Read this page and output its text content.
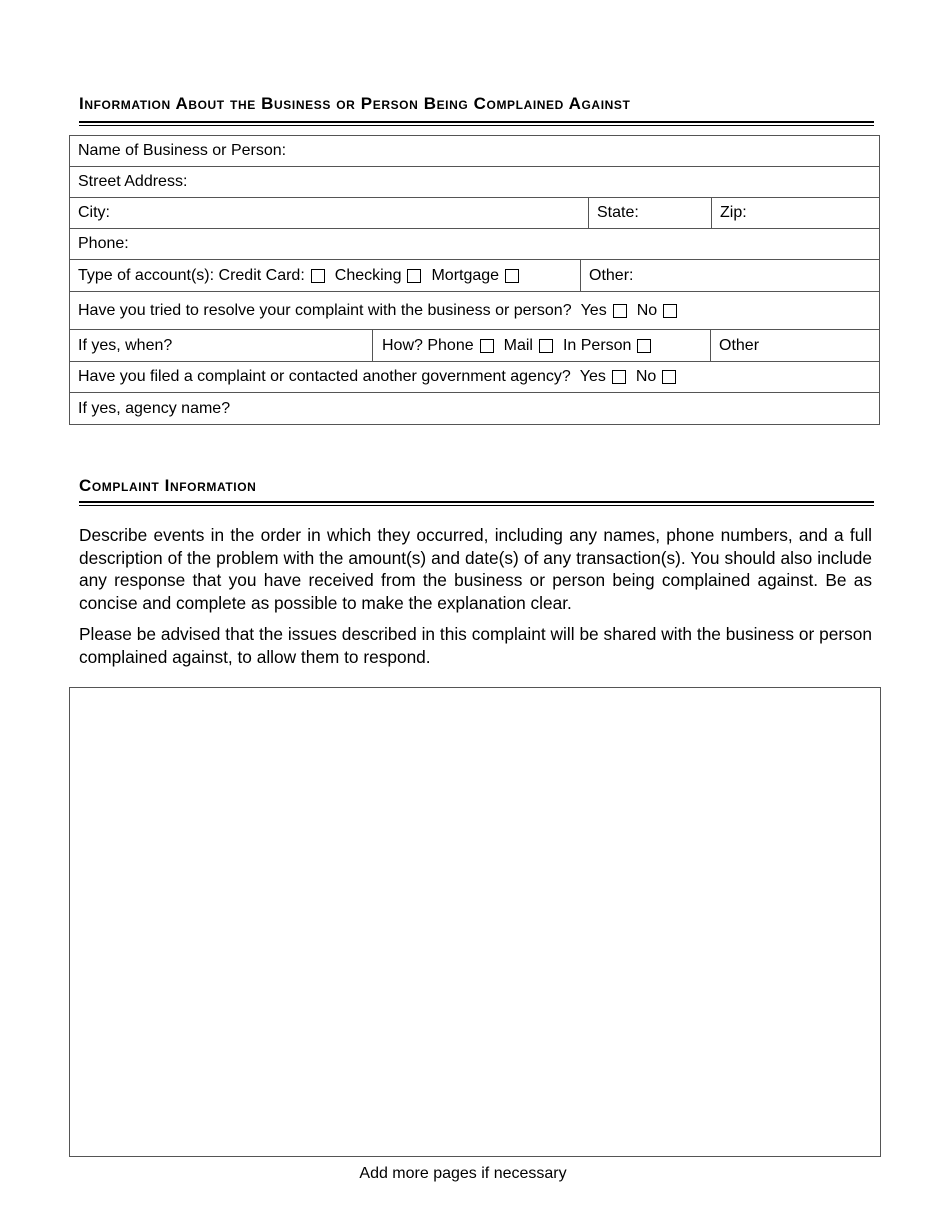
Information About the Business or Person Being Complained Against
Name of Business or Person:
Street Address:
City:	State:	Zip:
Phone:
Type of account(s): Credit Card: Checking Mortgage	Other:
Have you tried to resolve your complaint with the business or person? Yes No
If yes, when?	How? Phone Mail In Person	Other
Have you filed a complaint or contacted another government agency? Yes No
If yes, agency name?
Complaint Information

Describe events in the order in which they occurred, including any names, phone numbers, and a full description of the problem with the amount(s) and date(s) of any transaction(s). You should also include any response that you have received from the business or person being complained against. Be as concise and complete as possible to make the explanation clear.

Please be advised that the issues described in this complaint will be shared with the business or person complained against, to allow them to respond.

Add more pages if necessary
